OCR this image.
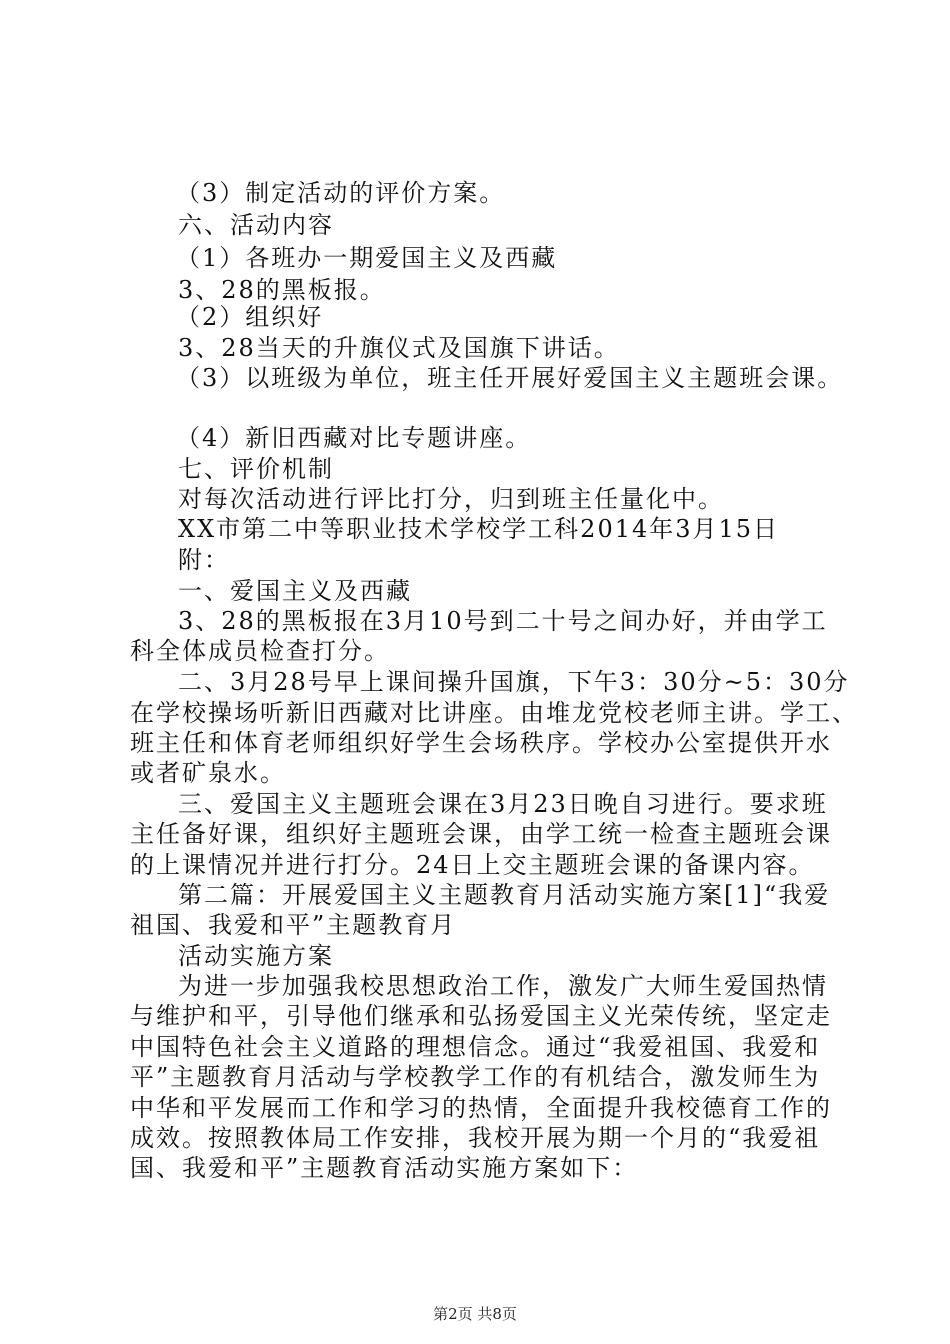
（3）制定活动的评价方案。
六、活动内容
（1）各班办一期爱国主义及西藏
3、28的黑板报。
（2）组织好
3、28当天的升旗仪式及国旗下讲话。
（3）以班级为单位，班主任开展好爱国主义主题班会课。
（4）新旧西藏对比专题讲座。
七、评价机制
对每次活动进行评比打分，归到班主任量化中。
XX市第二中等职业技术学校学工科2014年3月15日
附：
一、爱国主义及西藏
3、28的黑板报在3月10号到二十号之间办好，并由学工
科全体成员检查打分。
二、3月28号早上课间操升国旗，下午3：30分~5：30分
在学校操场听新旧西藏对比讲座。由堆龙党校老师主讲。学工、
班主任和体育老师组织好学生会场秩序。学校办公室提供开水
或者矿泉水。
三、爱国主义主题班会课在3月23日晚自习进行。要求班
主任备好课，组织好主题班会课，由学工统一检查主题班会课
的上课情况并进行打分。24日上交主题班会课的备课内容。
第二篇：开展爱国主义主题教育月活动实施方案[1]“我爱
祖国、我爱和平”主题教育月
活动实施方案
为进一步加强我校思想政治工作，激发广大师生爱国热情
与维护和平，引导他们继承和弘扬爱国主义光荣传统，坚定走
中国特色社会主义道路的理想信念。通过“我爱祖国、我爱和
平”主题教育月活动与学校教学工作的有机结合，激发师生为
中华和平发展而工作和学习的热情，全面提升我校德育工作的
成效。按照教体局工作安排，我校开展为期一个月的“我爱祖
国、我爱和平”主题教育活动实施方案如下：
第2页 共8页
